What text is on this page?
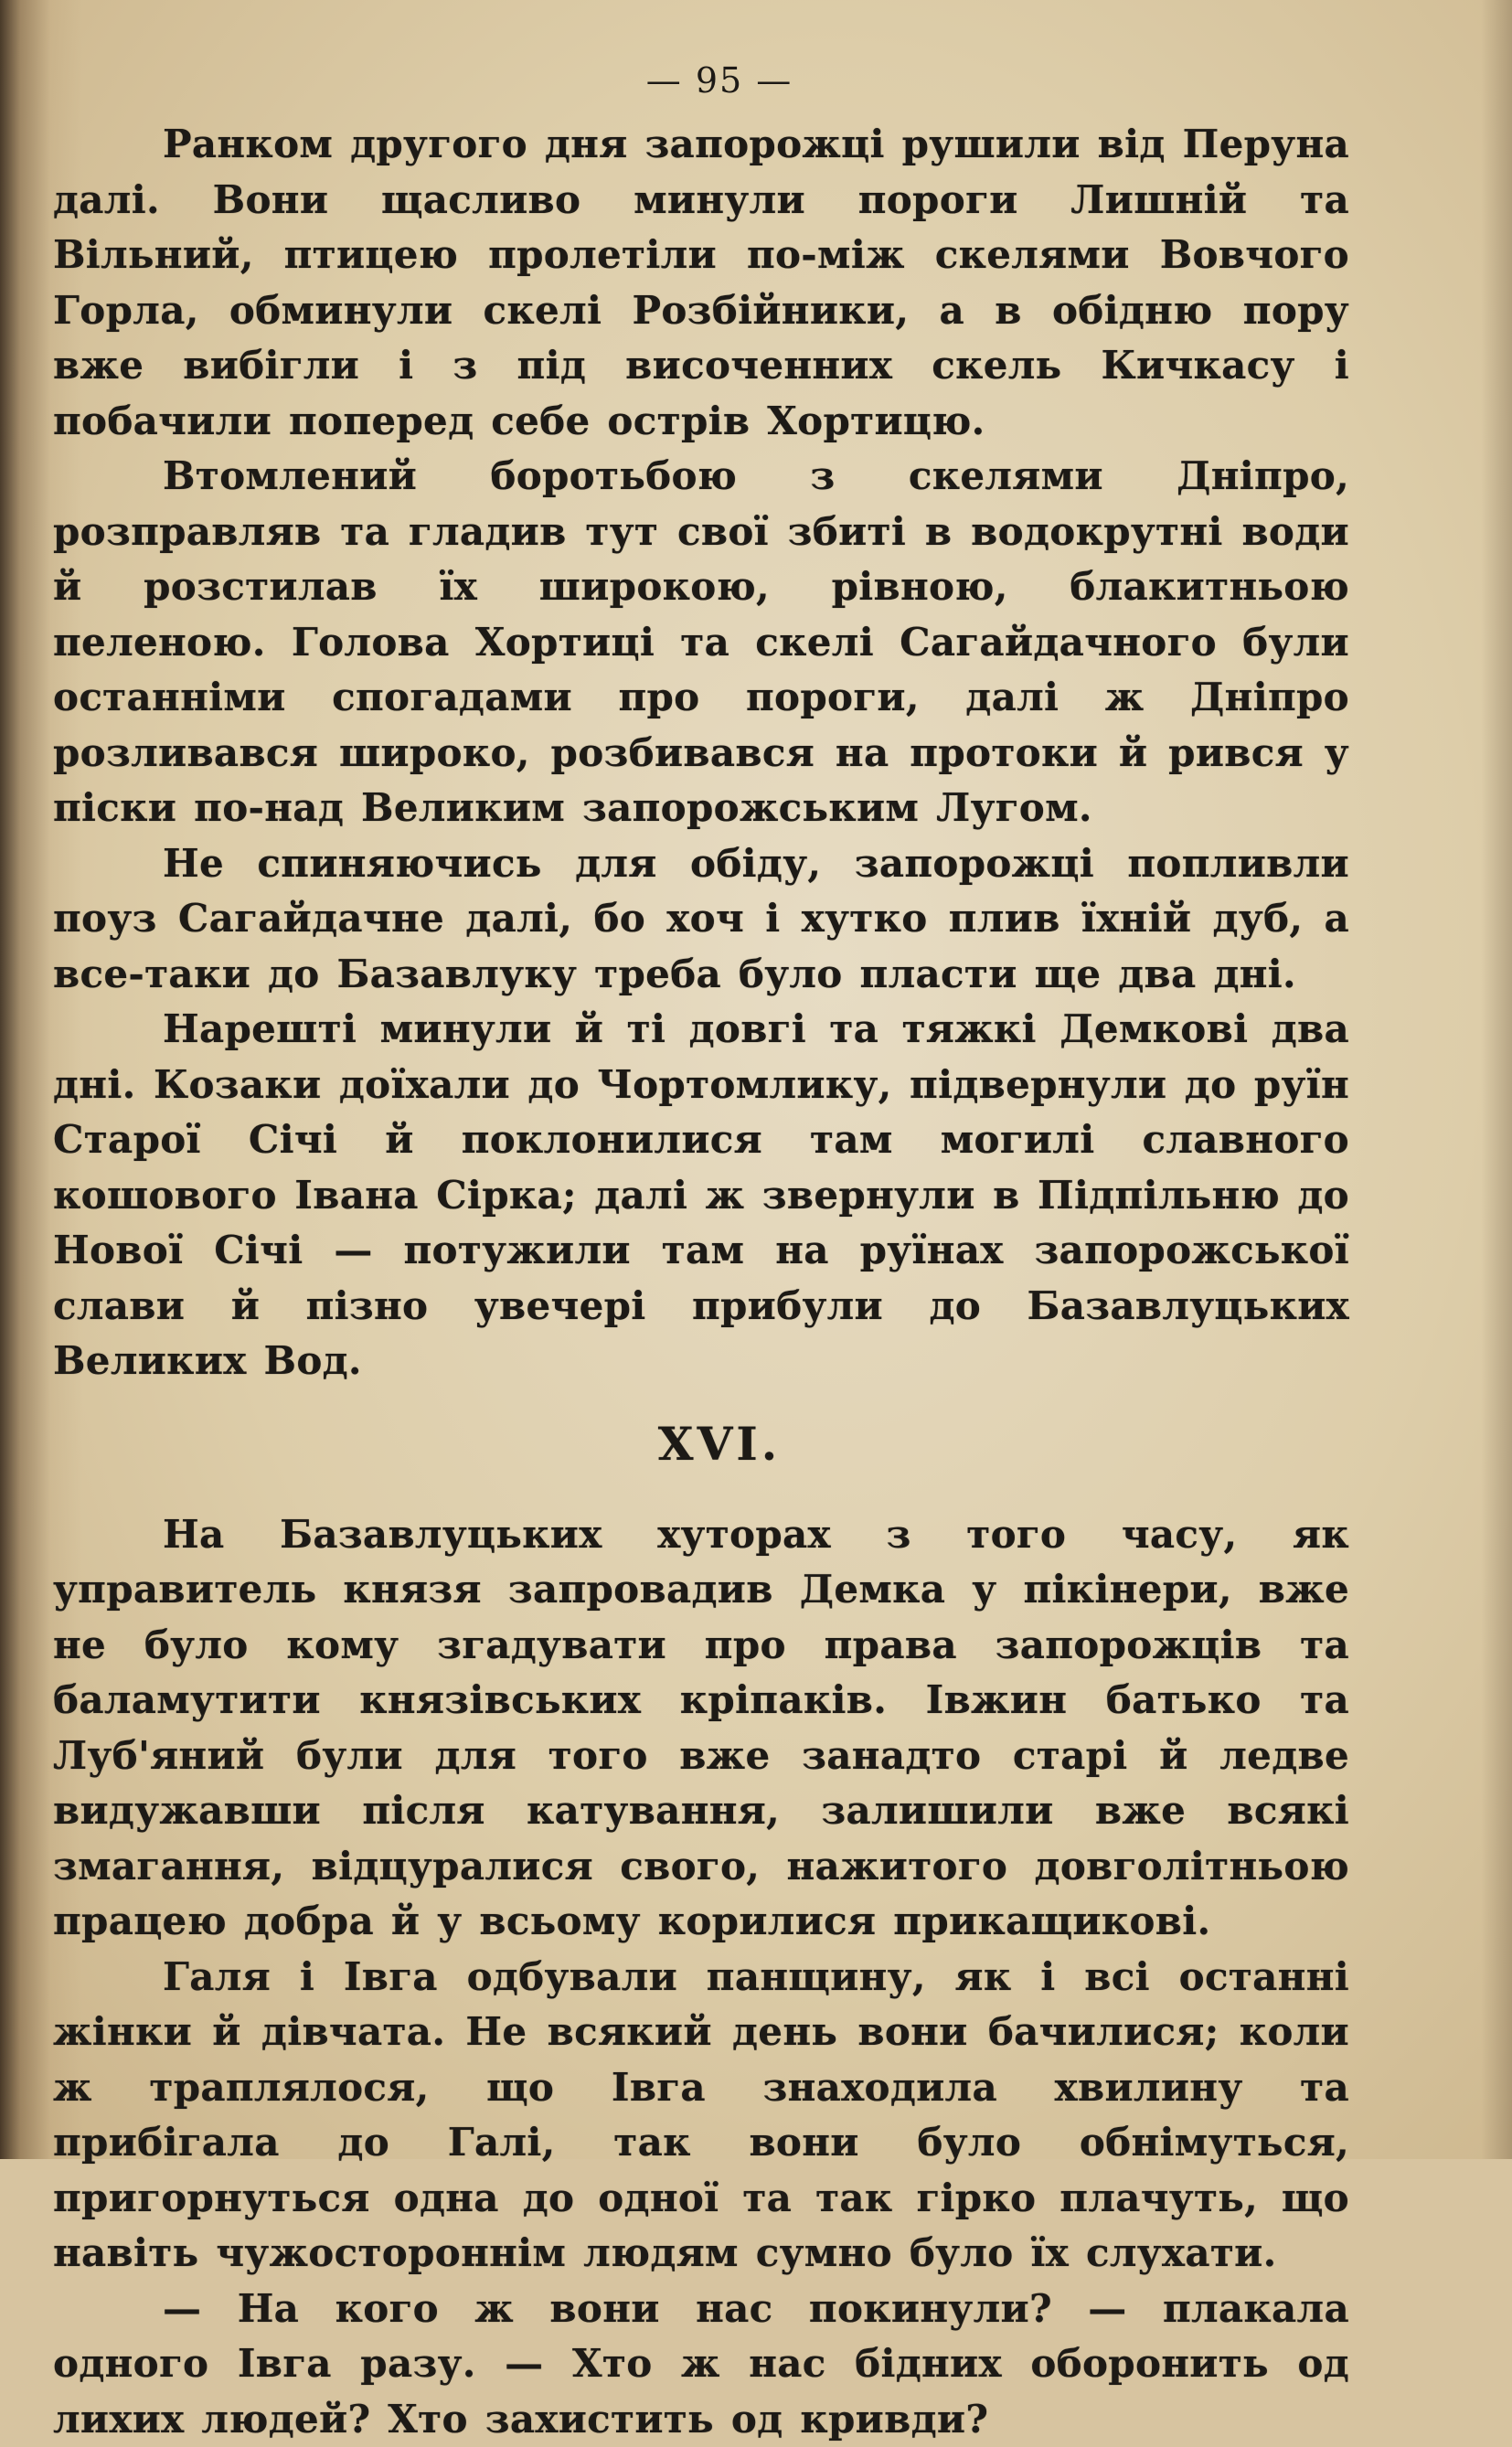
— 95 —

Ранком другого дня запорожці рушили від Перуна далі. Вони щасливо минули пороги Лишній та Вільний, птицею пролетіли по-між скелями Вовчого Горла, обминули скелі Розбійники, а в обідню пору вже вибігли і з під височенних скель Кичкасу і побачили поперед себе острів Хортицю.

Втомлений боротьбою з скелями Дніпро, розправляв та гладив тут свої збиті в водокрутні води й розстилав їх широкою, рівною, блакитньою пеленою. Голова Хортиці та скелі Сагайдачного були останніми спогадами про пороги, далі ж Дніпро розливався широко, розбивався на протоки й рився у піски по-над Великим запорожським Лугом.

Не спиняючись для обіду, запорожці попливли поуз Сагайдачне далі, бо хоч і хутко плив їхній дуб, а все-таки до Базавлуку треба було пласти ще два дні.

Нарешті минули й ті довгі та тяжкі Демкові два дні. Козаки доїхали до Чортомлику, підвернули до руїн Старої Січі й поклонилися там могилі славного кошового Івана Сірка; далі ж звернули в Підпільню до Нової Січі — потужили там на руїнах запорожської слави й пізно увечері прибули до Базавлуцьких Великих Вод.

XVI.

На Базавлуцьких хуторах з того часу, як управитель князя запровадив Демка у пікінери, вже не було кому згадувати про права запорожців та баламутити князівських кріпаків. Івжин батько та Луб'яний були для того вже занадто старі й ледве видужавши після катування, залишили вже всякі змагання, відцуралися свого, нажитого довголітньою працею добра й у всьому корилися прикащикові.

Галя і Івга одбували панщину, як і всі останні жінки й дівчата. Не всякий день вони бачилися; коли ж траплялося, що Івга знаходила хвилину та прибігала до Галі, так вони було обнімуться, пригорнуться одна до одної та так гірко плачуть, що навіть чужостороннім людям сумно було їх слухати.

— На кого ж вони нас покинули? — плакала одного Івга разу. — Хто ж нас бідних оборонить од лихих людей? Хто захистить од кривди?
